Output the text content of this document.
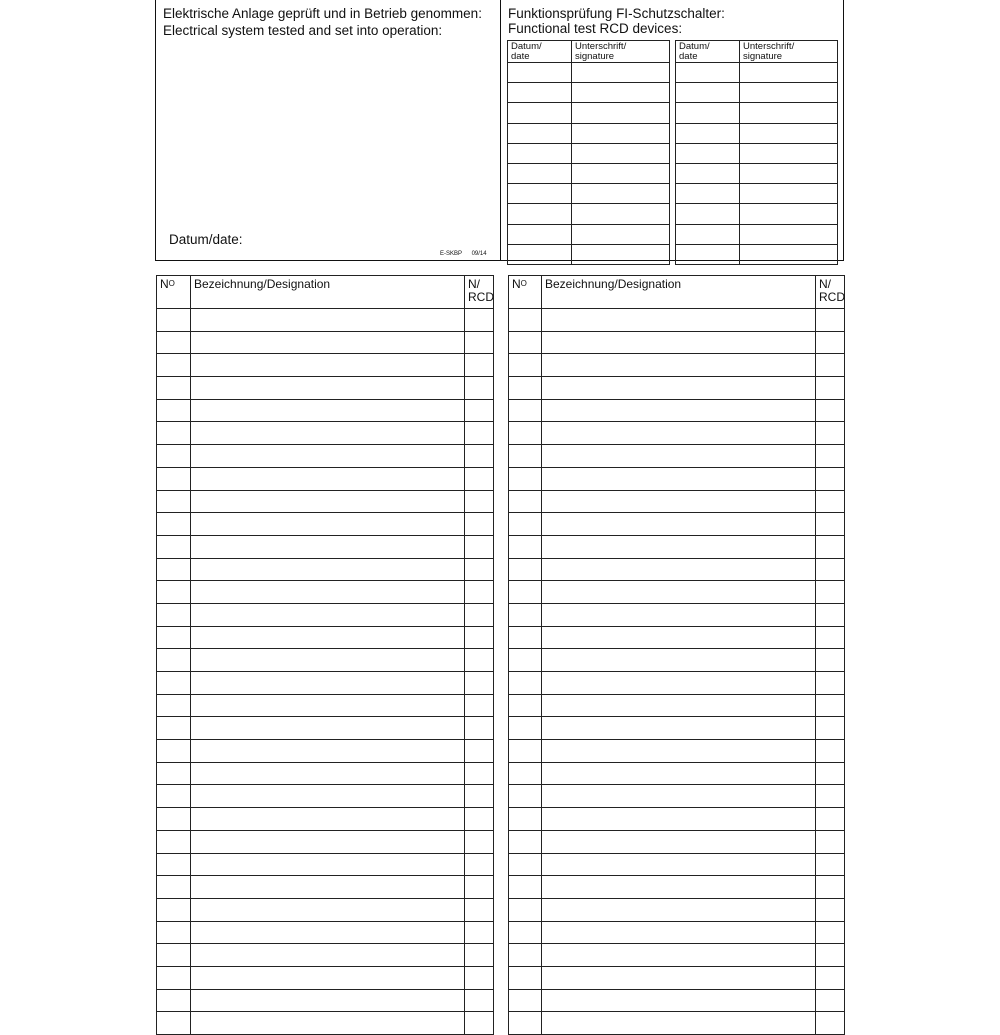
Elektrische Anlage geprüft und in Betrieb genommen:
Electrical system tested and set into operation:
Datum/date:
E-SKBP 09/14
Funktionsprüfung FI-Schutzschalter:
Functional test RCD devices:
Datum/
date	Unterschrift/
signature

Datum/
date	Unterschrift/
signature

$N^O$	Bezeichnung/Designation	N/
RCD

$N^O$	Bezeichnung/Designation	N/
RCD
